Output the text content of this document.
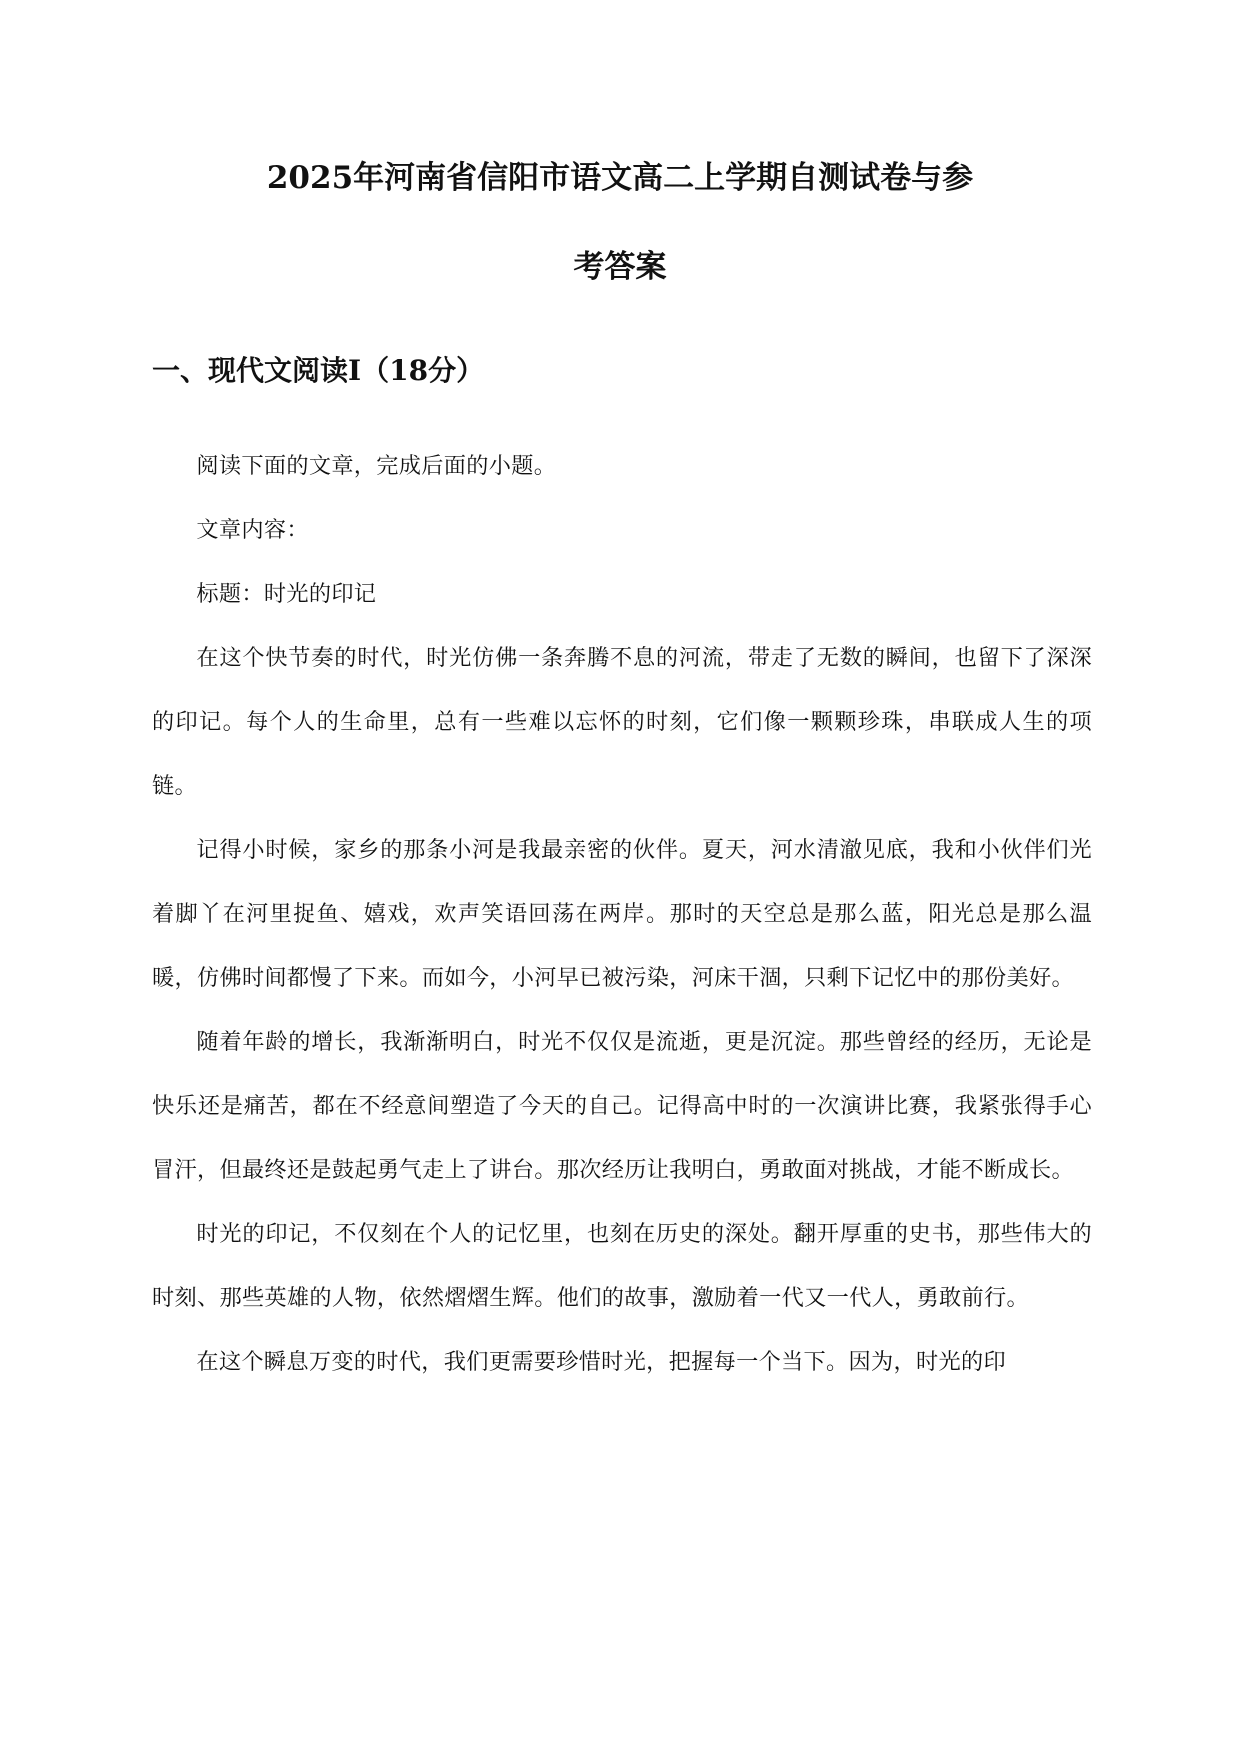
2025年河南省信阳市语文高二上学期自测试卷与参
考答案
一、现代文阅读Ⅰ（18分）

阅读下面的文章，完成后面的小题。

文章内容：

标题：时光的印记

在这个快节奏的时代，时光仿佛一条奔腾不息的河流，带走了无数的瞬间，也留下了深深的印记。每个人的生命里，总有一些难以忘怀的时刻，它们像一颗颗珍珠，串联成人生的项链。

记得小时候，家乡的那条小河是我最亲密的伙伴。夏天，河水清澈见底，我和小伙伴们光着脚丫在河里捉鱼、嬉戏，欢声笑语回荡在两岸。那时的天空总是那么蓝，阳光总是那么温暖，仿佛时间都慢了下来。而如今，小河早已被污染，河床干涸，只剩下记忆中的那份美好。

随着年龄的增长，我渐渐明白，时光不仅仅是流逝，更是沉淀。那些曾经的经历，无论是快乐还是痛苦，都在不经意间塑造了今天的自己。记得高中时的一次演讲比赛，我紧张得手心冒汗，但最终还是鼓起勇气走上了讲台。那次经历让我明白，勇敢面对挑战，才能不断成长。

时光的印记，不仅刻在个人的记忆里，也刻在历史的深处。翻开厚重的史书，那些伟大的时刻、那些英雄的人物，依然熠熠生辉。他们的故事，激励着一代又一代人，勇敢前行。

在这个瞬息万变的时代，我们更需要珍惜时光，把握每一个当下。因为，时光的印
